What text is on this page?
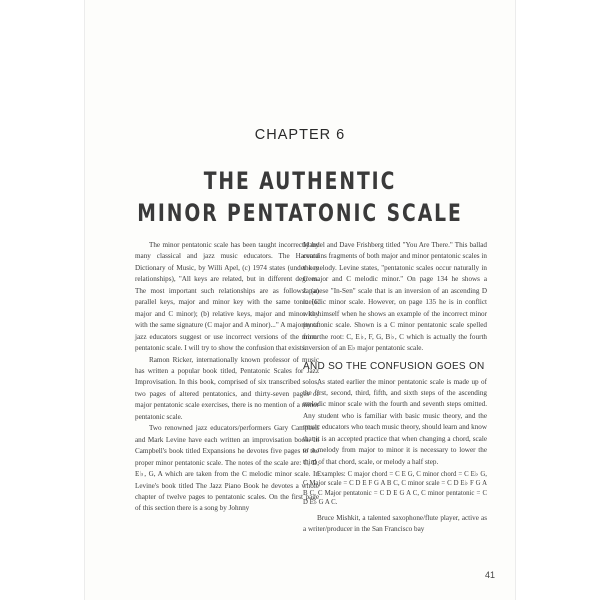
CHAPTER 6
THE AUTHENTIC
MINOR PENTATONIC SCALE

The minor pentatonic scale has been taught incorrectly by many classical and jazz music educators. The Harvard Dictionary of Music, by Willi Apel, (c) 1974 states (under key relationships), "All keys are related, but in different degrees. The most important such relationships are as follows: (a) parallel keys, major and minor key with the same tonic (C major and C minor); (b) relative keys, major and minor key with the same signature (C major and A minor)..." A majority of jazz educators suggest or use incorrect versions of the minor pentatonic scale. I will try to show the confusion that exists.

Ramon Ricker, internationally known professor of music has written a popular book titled, Pentatonic Scales for Jazz Improvisation. In this book, comprised of six transcribed solos, two pages of altered pentatonics, and thirty-seven pages of major pentatonic scale exercises, there is no mention of a minor pentatonic scale.

Two renowned jazz educators/performers Gary Campbell and Mark Levine have each written an improvisation book. In Campbell's book titled Expansions he devotes five pages to the proper minor pentatonic scale. The notes of the scale are: C, D, E♭, G, A which are taken from the C melodic minor scale. In Levine's book titled The Jazz Piano Book he devotes a whole chapter of twelve pages to pentatonic scales. On the first page of this section there is a song by Johnny

Mandel and Dave Frishberg titled "You Are There." This ballad contains fragments of both major and minor pentatonic scales in the melody. Levine states, "pentatonic scales occur naturally in C major and C melodic minor." On page 134 he shows a Japanese "In-Sen" scale that is an inversion of an ascending D melodic minor scale. However, on page 135 he is in conflict with himself when he shows an example of the incorrect minor pentatonic scale. Shown is a C minor pentatonic scale spelled from the root: C, E♭, F, G, B♭, C which is actually the fourth inversion of an E♭ major pentatonic scale.

AND SO THE CONFUSION GOES ON

As stated earlier the minor pentatonic scale is made up of the first, second, third, fifth, and sixth steps of the ascending melodic minor scale with the fourth and seventh steps omitted. Any student who is familiar with basic music theory, and the music educators who teach music theory, should learn and know that it is an accepted practice that when changing a chord, scale or a melody from major to minor it is necessary to lower the third of that chord, scale, or melody a half step.

Examples: C major chord = C E G, C minor chord = C E♭ G, C Major scale = C D E F G A B C, C minor scale = C D E♭ F G A B C, C Major pentatonic = C D E G A C, C minor pentatonic = C D E♭ G A C.

Bruce Mishkit, a talented saxophone/flute player, active as a writer/producer in the San Francisco bay

41
